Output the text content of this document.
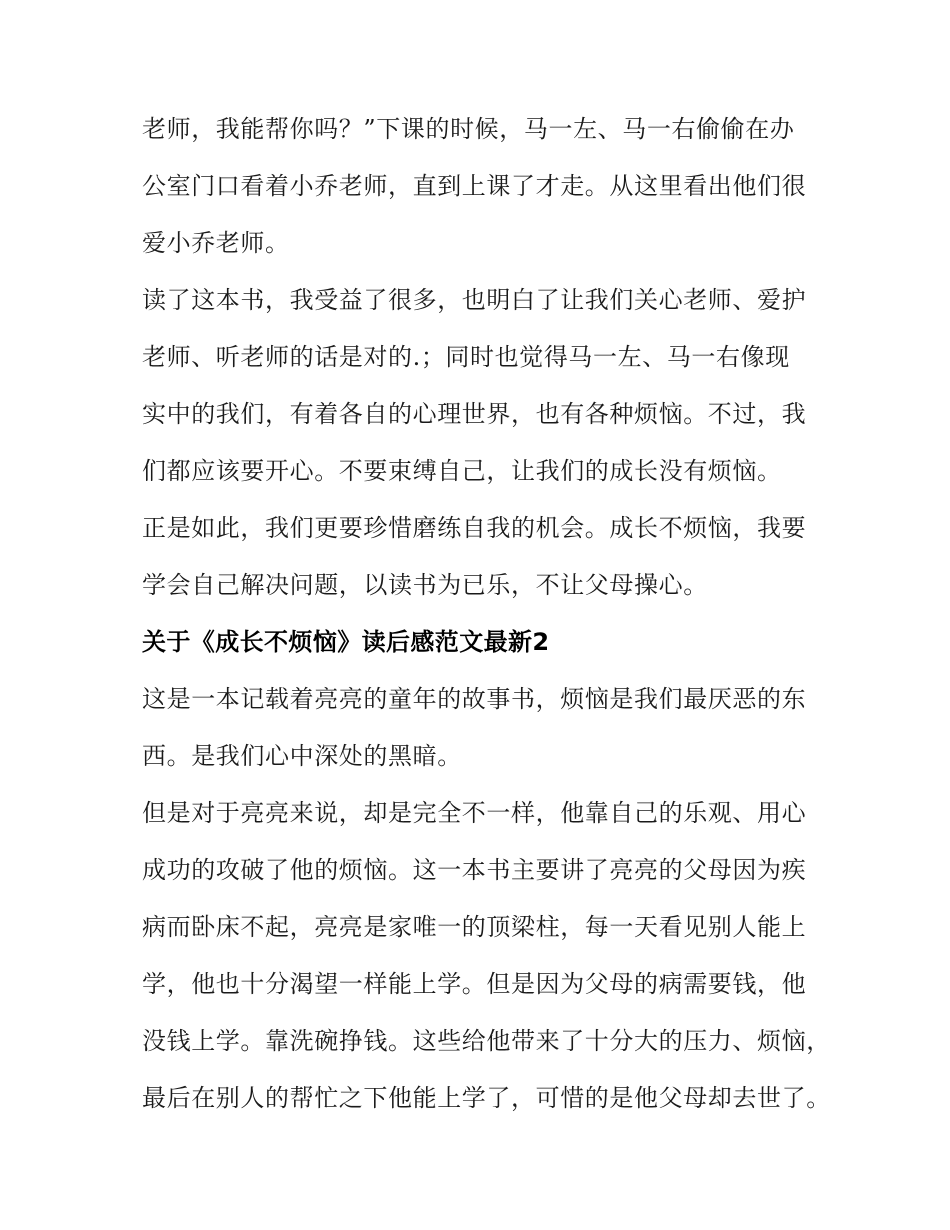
老师，我能帮你吗？”下课的时候，马一左、马一右偷偷在办
公室门口看着小乔老师，直到上课了才走。从这里看出他们很
爱小乔老师。
读了这本书，我受益了很多，也明白了让我们关心老师、爱护
老师、听老师的话是对的.；同时也觉得马一左、马一右像现
实中的我们，有着各自的心理世界，也有各种烦恼。不过，我
们都应该要开心。不要束缚自己，让我们的成长没有烦恼。
正是如此，我们更要珍惜磨练自我的机会。成长不烦恼，我要
学会自己解决问题，以读书为已乐，不让父母操心。
关于《成长不烦恼》读后感范文最新2
这是一本记载着亮亮的童年的故事书，烦恼是我们最厌恶的东
西。是我们心中深处的黑暗。
但是对于亮亮来说，却是完全不一样，他靠自己的乐观、用心
成功的攻破了他的烦恼。这一本书主要讲了亮亮的父母因为疾
病而卧床不起，亮亮是家唯一的顶梁柱，每一天看见别人能上
学，他也十分渴望一样能上学。但是因为父母的病需要钱，他
没钱上学。靠洗碗挣钱。这些给他带来了十分大的压力、烦恼，
最后在别人的帮忙之下他能上学了，可惜的是他父母却去世了。
